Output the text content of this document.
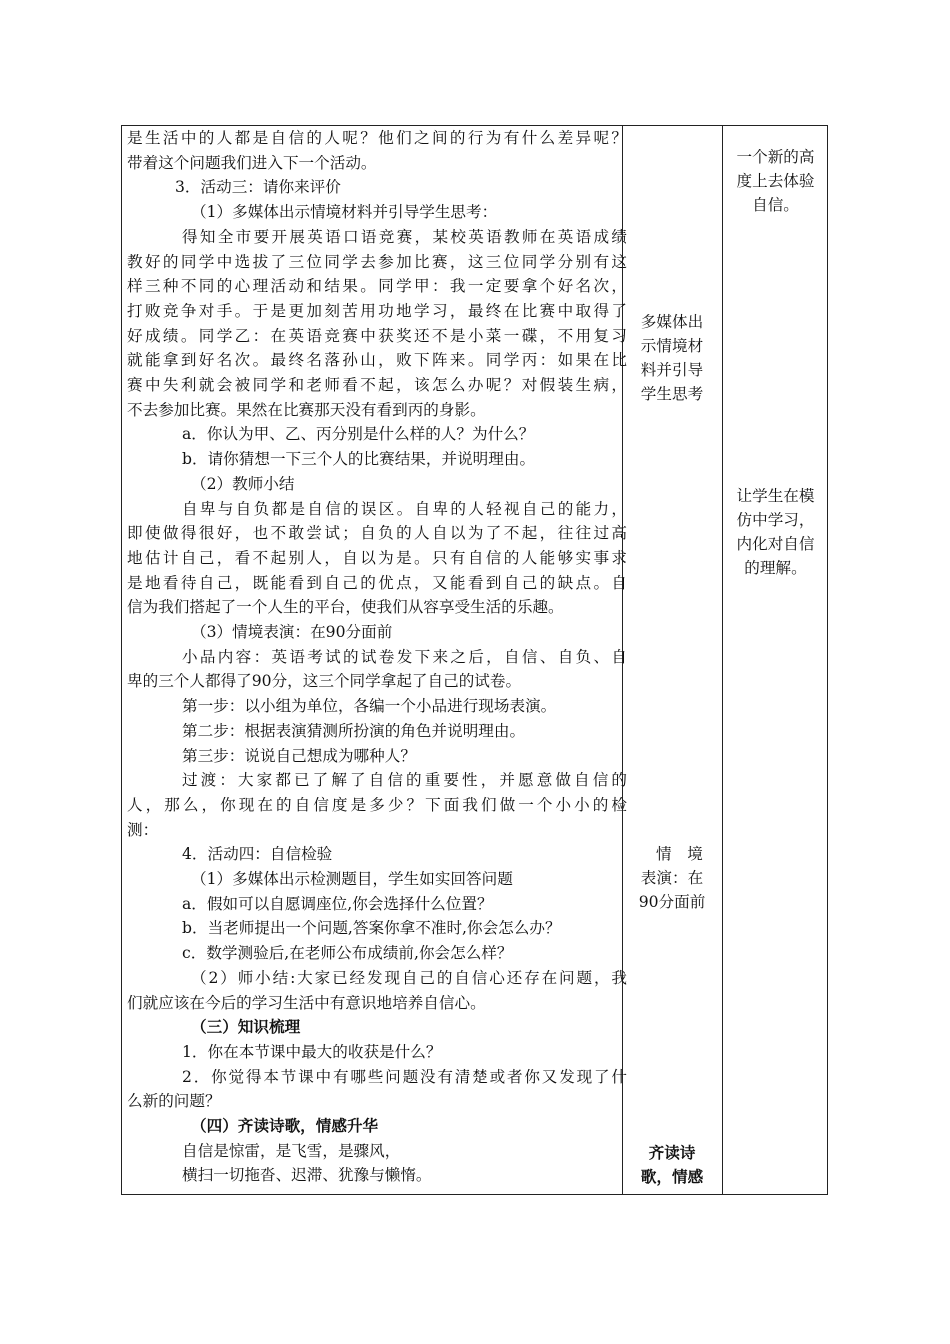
是生活中的人都是自信的人呢？他们之间的行为有什么差异呢？
带着这个问题我们进入下一个活动。
3．活动三：请你来评价
（1）多媒体出示情境材料并引导学生思考：
得知全市要开展英语口语竞赛，某校英语教师在英语成绩
教好的同学中选拔了三位同学去参加比赛，这三位同学分别有这
样三种不同的心理活动和结果。同学甲：我一定要拿个好名次，
打败竞争对手。于是更加刻苦用功地学习，最终在比赛中取得了
好成绩。同学乙：在英语竞赛中获奖还不是小菜一碟，不用复习
就能拿到好名次。最终名落孙山，败下阵来。同学丙：如果在比
赛中失利就会被同学和老师看不起，该怎么办呢？对假装生病，
不去参加比赛。果然在比赛那天没有看到丙的身影。
a．你认为甲、乙、丙分别是什么样的人？为什么？
b．请你猜想一下三个人的比赛结果，并说明理由。
（2）教师小结
自卑与自负都是自信的误区。自卑的人轻视自己的能力，
即使做得很好，也不敢尝试；自负的人自以为了不起，往往过高
地估计自己，看不起别人，自以为是。只有自信的人能够实事求
是地看待自己，既能看到自己的优点，又能看到自己的缺点。自
信为我们搭起了一个人生的平台，使我们从容享受生活的乐趣。
（3）情境表演：在90分面前
小品内容：英语考试的试卷发下来之后，自信、自负、自
卑的三个人都得了90分，这三个同学拿起了自己的试卷。
第一步：以小组为单位，各编一个小品进行现场表演。
第二步：根据表演猜测所扮演的角色并说明理由。
第三步：说说自己想成为哪种人？
过渡：大家都已了解了自信的重要性，并愿意做自信的
人，那么，你现在的自信度是多少？下面我们做一个小小的检
测：
4．活动四：自信检验
（1）多媒体出示检测题目，学生如实回答问题
a．假如可以自愿调座位,你会选择什么位置？
b．当老师提出一个问题,答案你拿不准时,你会怎么办？
c．数学测验后,在老师公布成绩前,你会怎么样？
（2）师小结:大家已经发现自己的自信心还存在问题，我
们就应该在今后的学习生活中有意识地培养自信心。
（三）知识梳理
1．你在本节课中最大的收获是什么？
2．你觉得本节课中有哪些问题没有清楚或者你又发现了什
么新的问题？
（四）齐读诗歌，情感升华
自信是惊雷，是飞雪，是骤风，
横扫一切拖沓、迟滞、犹豫与懒惰。
多媒体出
示情境材
料并引导
学生思考
情　境
表演：在
90分面前
齐读诗
歌，情感
一个新的高
度上去体验
自信。
让学生在模
仿中学习，
内化对自信
的理解。
